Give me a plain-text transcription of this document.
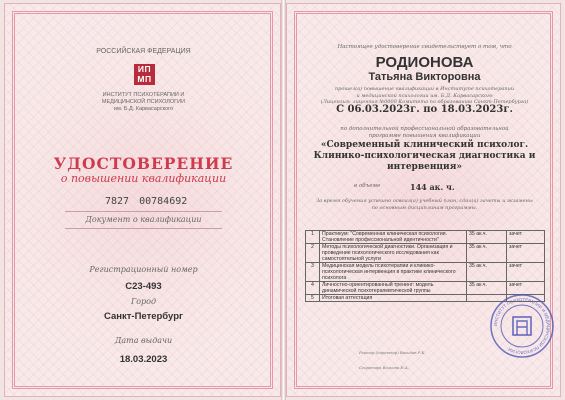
РОССИЙСКАЯ ФЕДЕРАЦИЯ
ИП МП
ИНСТИТУТ ПСИХОТЕРАПИИ И
МЕДИЦИНСКОЙ ПСИХОЛОГИИ
им. Б.Д. Карвасарского
УДОСТОВЕРЕНИЕ
о повышении квалификации
7827 00784692
Документ о квалификации
Регистрационный номер
С23-493
Город
Санкт-Петербург
Дата выдачи
18.03.2023
Настоящее удостоверение свидетельствует о том, что
РОДИОНОВА
Татьяна Викторовна
прошел(а) повышение квалификации в Институте психотерапии
и медицинской психологии им. Б.Д. Карвасарского
(Лицензия: лицензия №0000 Комитета по образованию Санкт-Петербурга)
С 06.03.2023г. по 18.03.2023г.
по дополнительной профессиональной образовательной
программе повышения квалификации
«Современный клинический психолог.
Клинико-психологическая диагностика и
интервенция»
в объеме	144 ак. ч.
За время обучения успешно освоил(а) учебный план, сдал(а) зачеты и экзамены
по основным дисциплинам программы.
1	Практикум: "Современная клиническая психология. Становление профессиональной идентичности"	35 ак.ч.	зачет
2	Методы психологической диагностики. Организация и проведение психологического исследования как самостоятельной услуги	35 ак.ч.	зачет
3	Медицинская модель психотерапии и клинико-психологическая интервенция в практике клинического психолога	35 ак.ч.	зачет
4	Личностно-ориентированный тренинг: модель динамической психотерапевтической группы	35 ак.ч.	зачет
5	Итоговая аттестация		
Ректор (директор) Вахидов Р.К.
Секретарь Волкова Н.А.
ИНСТИТУТ ПСИХОТЕРАПИИ И МЕДИЦИНСКОЙ ПСИХОЛОГИИ
